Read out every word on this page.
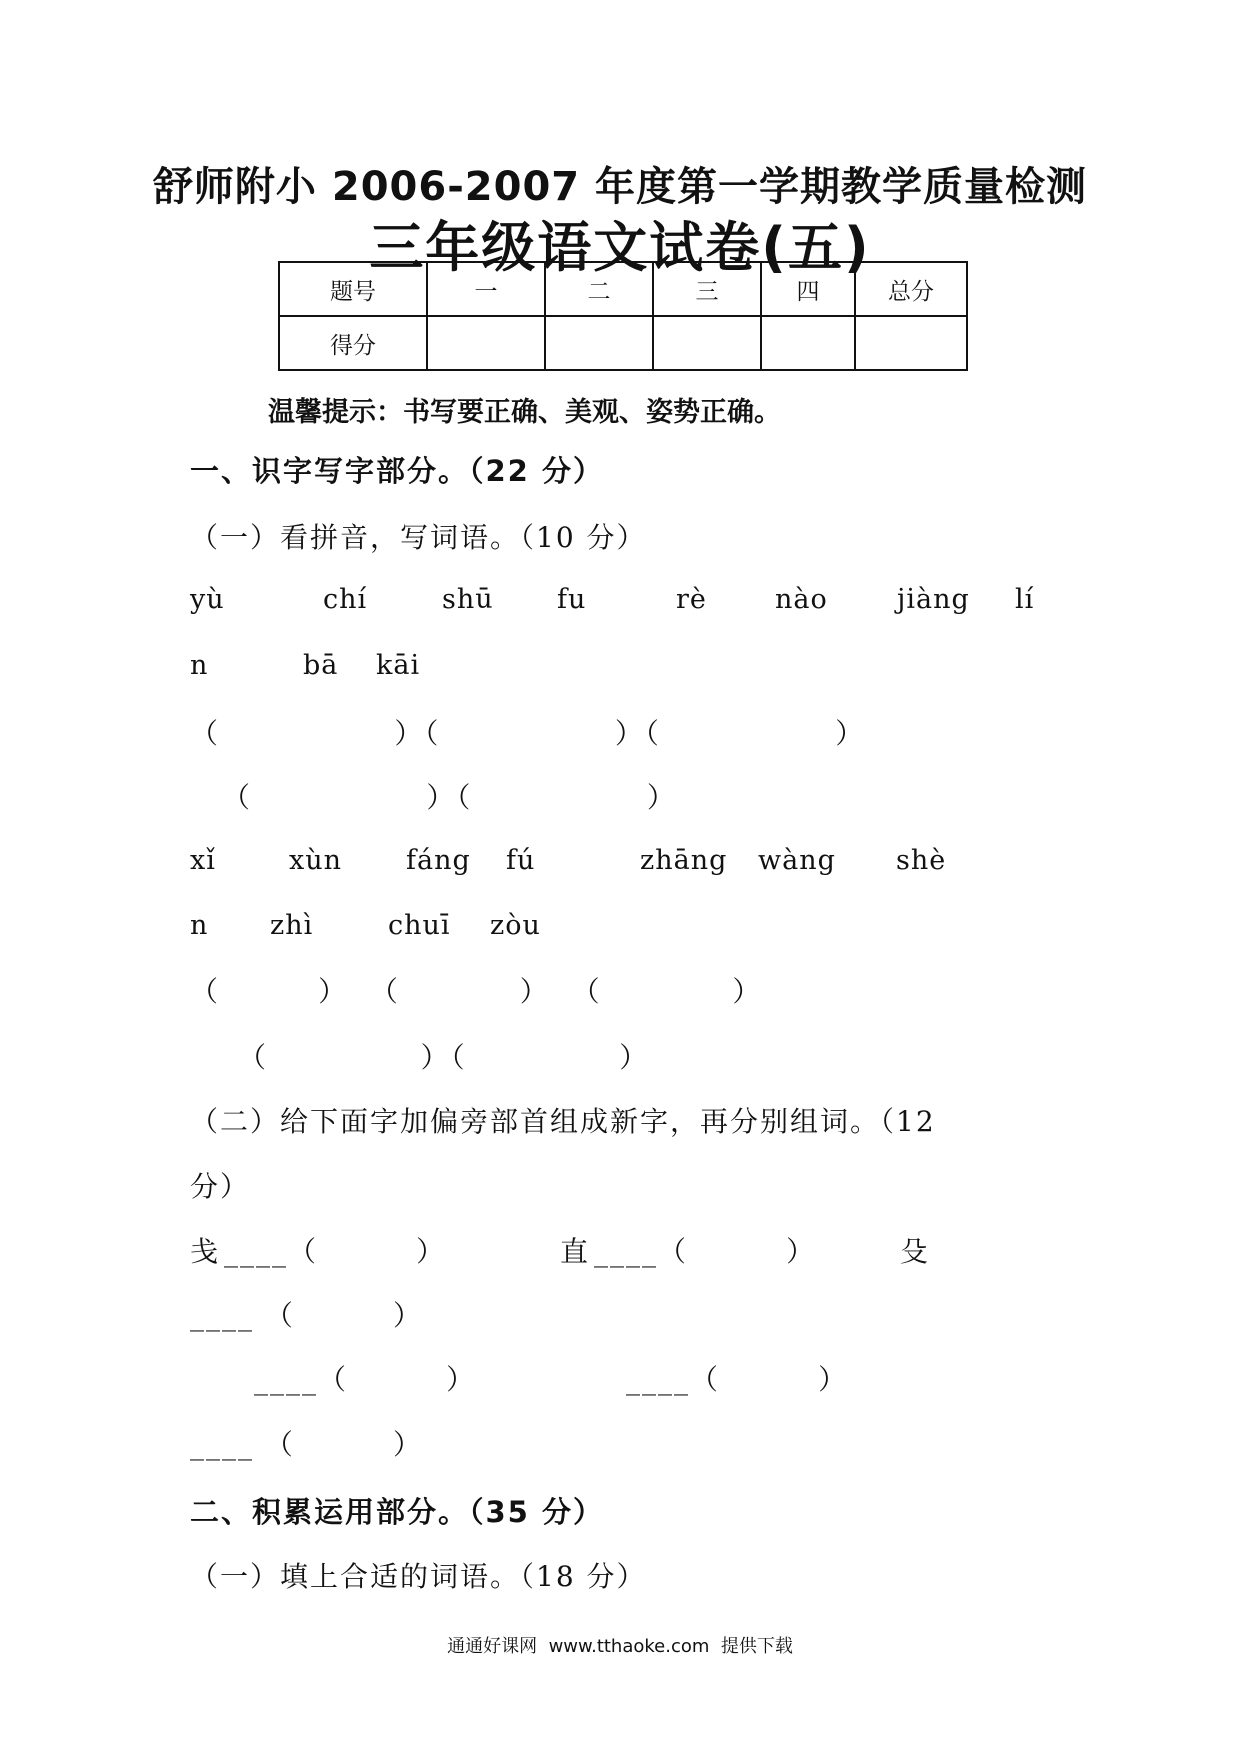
舒师附小 2006-2007 年度第一学期教学质量检测
三年级语文试卷(五)
题号	一	二	三	四	总分
得分					
温馨提示：书写要正确、美观、姿势正确。
一、识字写字部分。（22 分）
（一）看拼音，写词语。（10 分）
yù	chí	shū fu	rè	nào	jiàng lí
n	bā kāi
（                ）（                ）（                ）
（                ）（                ）
xǐ	xùn fáng fú	zhāng wàng shè
n zhì	chuī zòu
（         ）  （           ）  （            ）
（              ）（              ）
（二）给下面字加偏旁部首组成新字，再分别组词。（12
分）
戋 ____（         ）	直 ____（         ）	殳
____ （         ）
____（         ）	____（         ）
____ （         ）
二、积累运用部分。（35 分）
（一）填上合适的词语。（18 分）
通通好课网  www.tthaoke.com  提供下载
